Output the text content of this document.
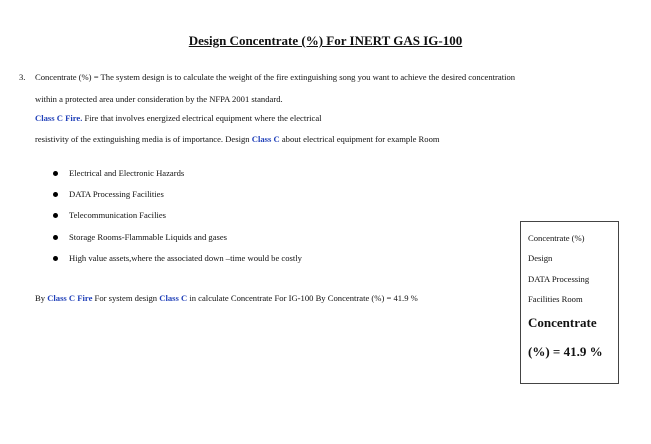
Design Concentrate (%) For INERT GAS IG-100
3. Concentrate (%) = The system design is to calculate the weight of the fire extinguishing song you want to achieve the desired concentration
within a protected area under consideration by the NFPA 2001 standard.
Class C Fire. Fire that involves energized electrical equipment where the electrical
resistivity of the extinguishing media is of importance. Design Class C about electrical equipment for example Room
Electrical and Electronic Hazards
DATA Processing Facilities
Telecommunication Facilies
Storage Rooms-Flammable Liquids and gases
High value assets,where the associated down –time would be costly
By Class C Fire For system design Class C in calculate Concentrate For IG-100 By Concentrate (%) = 41.9 %
Concentrate (%)
Design
DATA Processing
Facilities Room
Concentrate
(%) = 41.9 %
